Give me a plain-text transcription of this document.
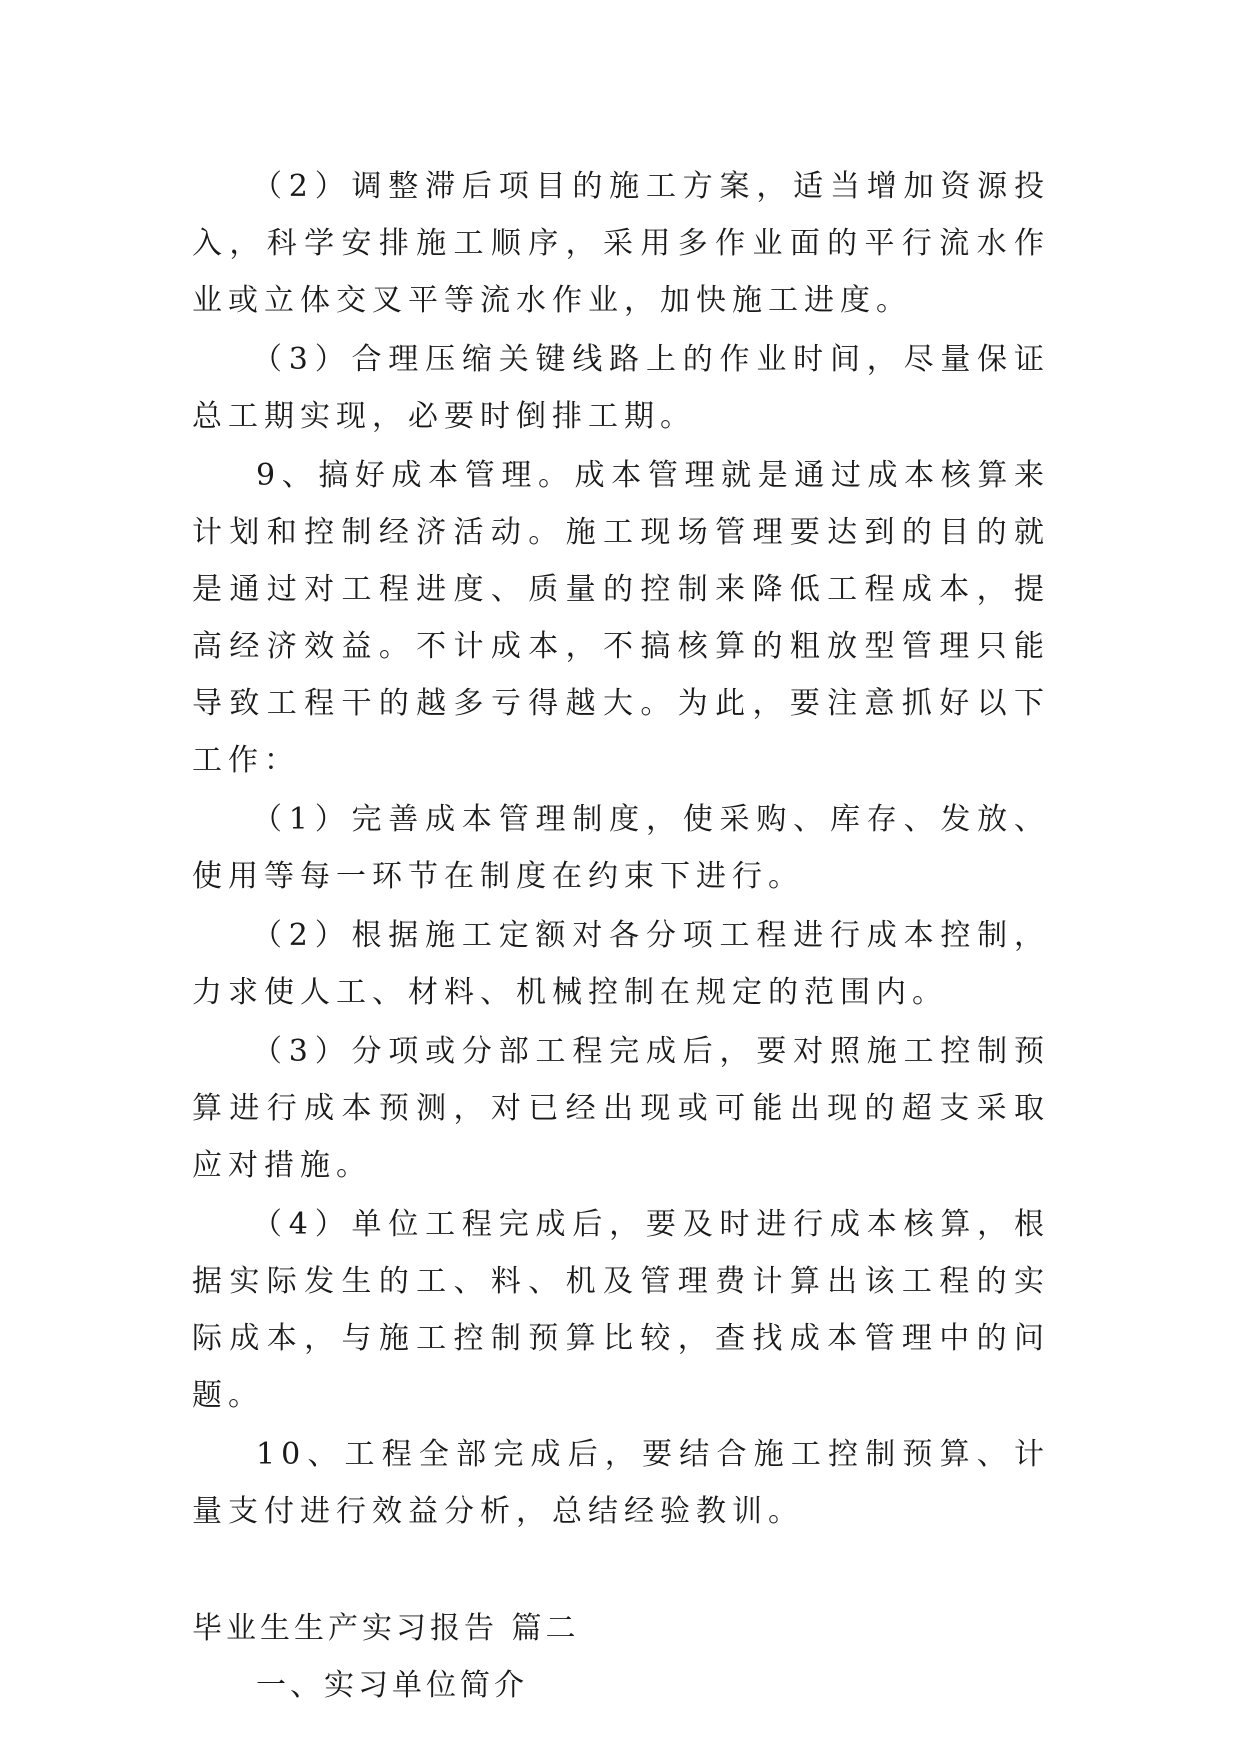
（2）调整滞后项目的施工方案，适当增加资源投入，科学安排施工顺序，采用多作业面的平行流水作业或立体交叉平等流水作业，加快施工进度。

（3）合理压缩关键线路上的作业时间，尽量保证总工期实现，必要时倒排工期。

9、搞好成本管理。成本管理就是通过成本核算来计划和控制经济活动。施工现场管理要达到的目的就是通过对工程进度、质量的控制来降低工程成本，提高经济效益。不计成本，不搞核算的粗放型管理只能导致工程干的越多亏得越大。为此，要注意抓好以下工作：

（1）完善成本管理制度，使采购、库存、发放、使用等每一环节在制度在约束下进行。

（2）根据施工定额对各分项工程进行成本控制，力求使人工、材料、机械控制在规定的范围内。

（3）分项或分部工程完成后，要对照施工控制预算进行成本预测，对已经出现或可能出现的超支采取应对措施。

（4）单位工程完成后，要及时进行成本核算，根据实际发生的工、料、机及管理费计算出该工程的实际成本，与施工控制预算比较，查找成本管理中的问题。

10、工程全部完成后，要结合施工控制预算、计量支付进行效益分析，总结经验教训。

毕业生生产实习报告 篇二

一、实习单位简介
